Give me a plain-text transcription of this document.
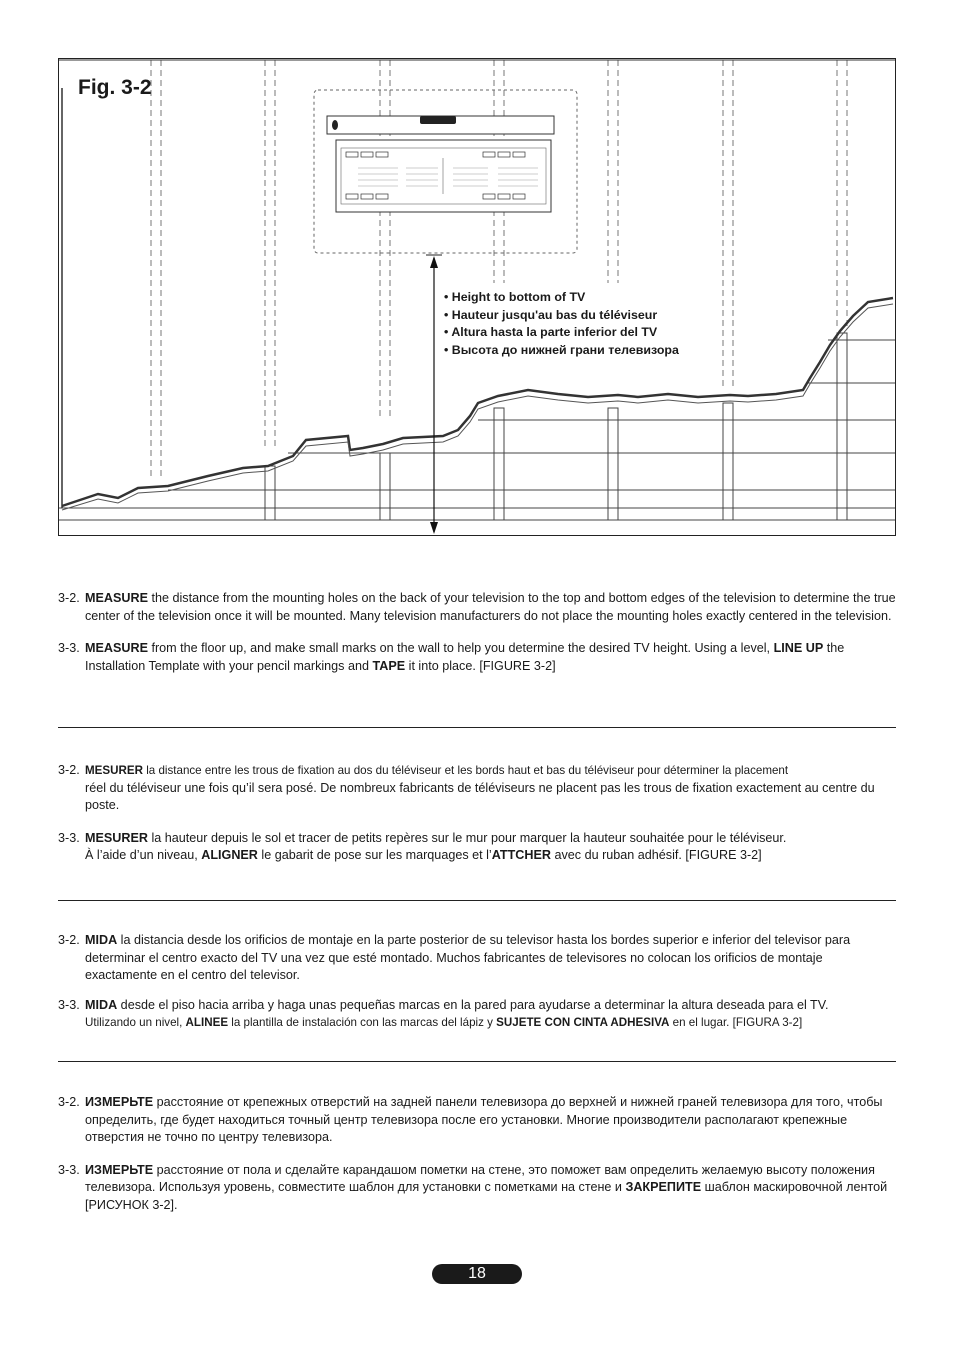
Fig. 3-2
• Height to bottom of TV
• Hauteur jusqu'au bas du téléviseur
• Altura hasta la parte inferior del TV
• Высота до нижней грани телевизора
3-2. MEASURE the distance from the mounting holes on the back of your television to the top and bottom edges of the television to determine the true center of the television once it will be mounted. Many television manufacturers do not place the mounting holes exactly centered in the television.
3-3. MEASURE from the floor up, and make small marks on the wall to help you determine the desired TV height. Using a level, LINE UP the Installation Template with your pencil markings and TAPE it into place. [FIGURE 3-2]
3-2. MESURER la distance entre les trous de fixation au dos du téléviseur et les bords haut et bas du téléviseur pour déterminer la placement
réel du téléviseur une fois qu’il sera posé. De nombreux fabricants de téléviseurs ne placent pas les trous de fixation exactement au centre du poste.
3-3. MESURER la hauteur depuis le sol et tracer de petits repères sur le mur pour marquer la hauteur souhaitée pour le téléviseur.
À l’aide d’un niveau, ALIGNER le gabarit de pose sur les marquages et l’ATTCHER avec du ruban adhésif. [FIGURE 3-2]
3-2. MIDA la distancia desde los orificios de montaje en la parte posterior de su televisor hasta los bordes superior e inferior del televisor para determinar el centro exacto del TV una vez que esté montado. Muchos fabricantes de televisores no colocan los orificios de montaje exactamente en el centro del televisor.
3-3. MIDA desde el piso hacia arriba y haga unas pequeñas marcas en la pared para ayudarse a determinar la altura deseada para el TV.
Utilizando un nivel, ALINEE la plantilla de instalación con las marcas del lápiz y SUJETE CON CINTA ADHESIVA en el lugar. [FIGURA 3-2]
3-2. ИЗМЕРЬТЕ расстояние от крепежных отверстий на задней панели телевизора до верхней и нижней граней телевизора для того, чтобы определить, где будет находиться точный центр телевизора после его установки. Многие производители располагают крепежные отверстия не точно по центру телевизора.
3-3. ИЗМЕРЬТЕ расстояние от пола и сделайте карандашом пометки на стене, это поможет вам определить желаемую высоту положения телевизора. Используя уровень, совместите шаблон для установки с пометками на стене и ЗАКРЕПИТЕ шаблон маскировочной лентой [РИСУНОК 3-2].
18
